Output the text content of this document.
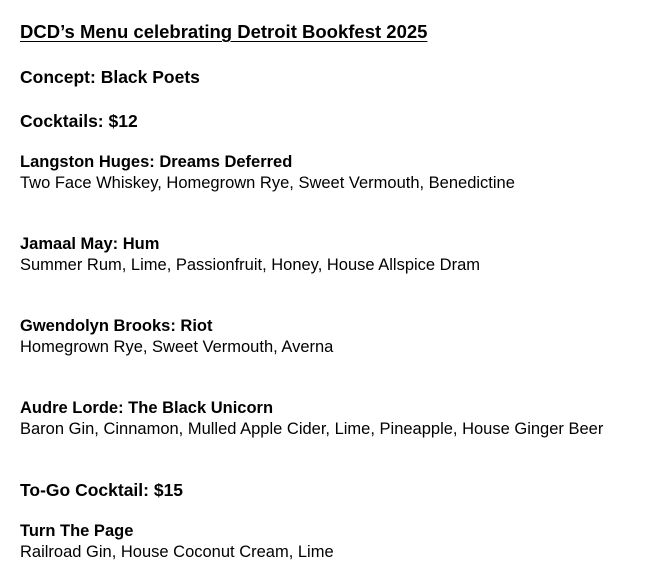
DCD’s Menu celebrating Detroit Bookfest 2025
Concept: Black Poets
Cocktails: $12
Langston Huges: Dreams Deferred
Two Face Whiskey, Homegrown Rye, Sweet Vermouth, Benedictine
Jamaal May: Hum
Summer Rum, Lime, Passionfruit, Honey, House Allspice Dram
Gwendolyn Brooks: Riot
Homegrown Rye, Sweet Vermouth, Averna
Audre Lorde: The Black Unicorn
Baron Gin, Cinnamon, Mulled Apple Cider, Lime, Pineapple, House Ginger Beer
To-Go Cocktail: $15
Turn The Page
Railroad Gin, House Coconut Cream, Lime
